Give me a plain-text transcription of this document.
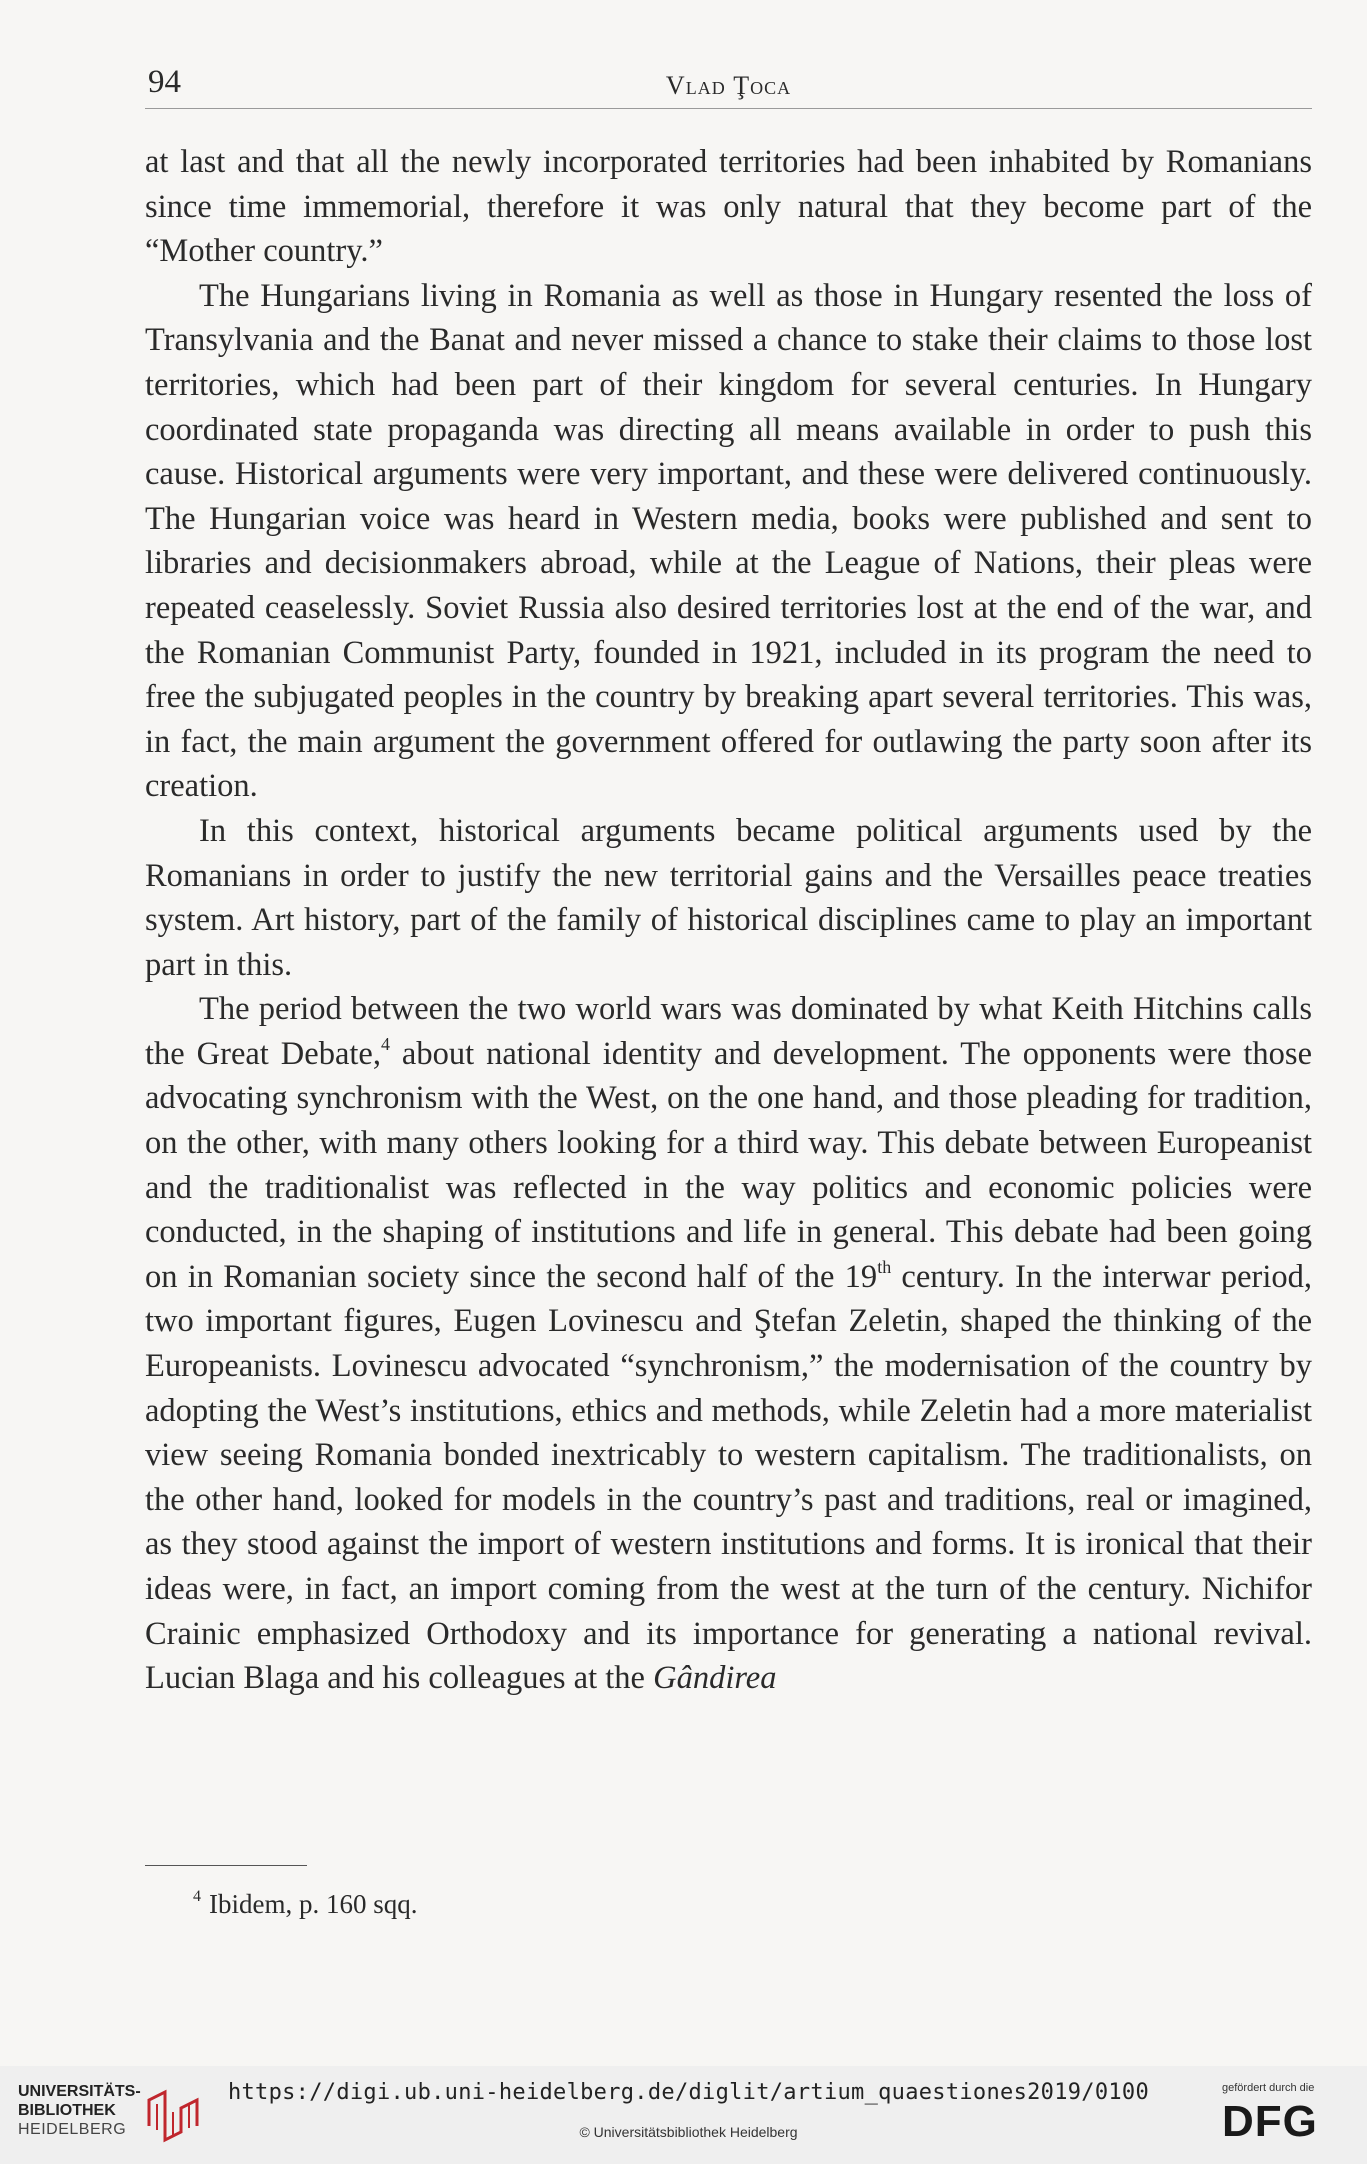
94	Vlad Ţoca

at last and that all the newly incorporated territories had been inhabited by Romanians since time immemorial, therefore it was only natural that they become part of the “Mother country.”

The Hungarians living in Romania as well as those in Hungary resented the loss of Transylvania and the Banat and never missed a chance to stake their claims to those lost territories, which had been part of their kingdom for several centuries. In Hungary coordinated state propaganda was directing all means available in order to push this cause. Historical arguments were very important, and these were delivered continuously. The Hungarian voice was heard in Western media, books were published and sent to libraries and decisionmakers abroad, while at the League of Nations, their pleas were repeated ceaselessly. Soviet Russia also desired territories lost at the end of the war, and the Romanian Communist Party, founded in 1921, included in its program the need to free the subjugated peoples in the country by breaking apart several territories. This was, in fact, the main argument the government offered for outlawing the party soon after its creation.

In this context, historical arguments became political arguments used by the Romanians in order to justify the new territorial gains and the Versailles peace treaties system. Art history, part of the family of historical disciplines came to play an important part in this.

The period between the two world wars was dominated by what Keith Hitchins calls the Great Debate,$^4$ about national identity and development. The opponents were those advocating synchronism with the West, on the one hand, and those pleading for tradition, on the other, with many others looking for a third way. This debate between Europeanist and the traditionalist was reflected in the way politics and economic policies were conducted, in the shaping of institutions and life in general. This debate had been going on in Romanian society since the second half of the 19th century. In the interwar period, two important figures, Eugen Lovinescu and Ştefan Zeletin, shaped the thinking of the Europeanists. Lovinescu advocated “synchronism,” the modernisation of the country by adopting the West’s institutions, ethics and methods, while Zeletin had a more materialist view seeing Romania bonded inextricably to western capitalism. The traditionalists, on the other hand, looked for models in the country’s past and traditions, real or imagined, as they stood against the import of western institutions and forms. It is ironical that their ideas were, in fact, an import coming from the west at the turn of the century. Nichifor Crainic emphasized Orthodoxy and its importance for generating a national revival. Lucian Blaga and his colleagues at the Gândirea

$^4$ Ibidem, p. 160 sqq.
UNIVERSITÄTS-
BIBLIOTHEK
HEIDELBERG
https://digi.ub.uni-heidelberg.de/diglit/artium_quaestiones2019/0100
© Universitätsbibliothek Heidelberg
gefördert durch die
DFG
